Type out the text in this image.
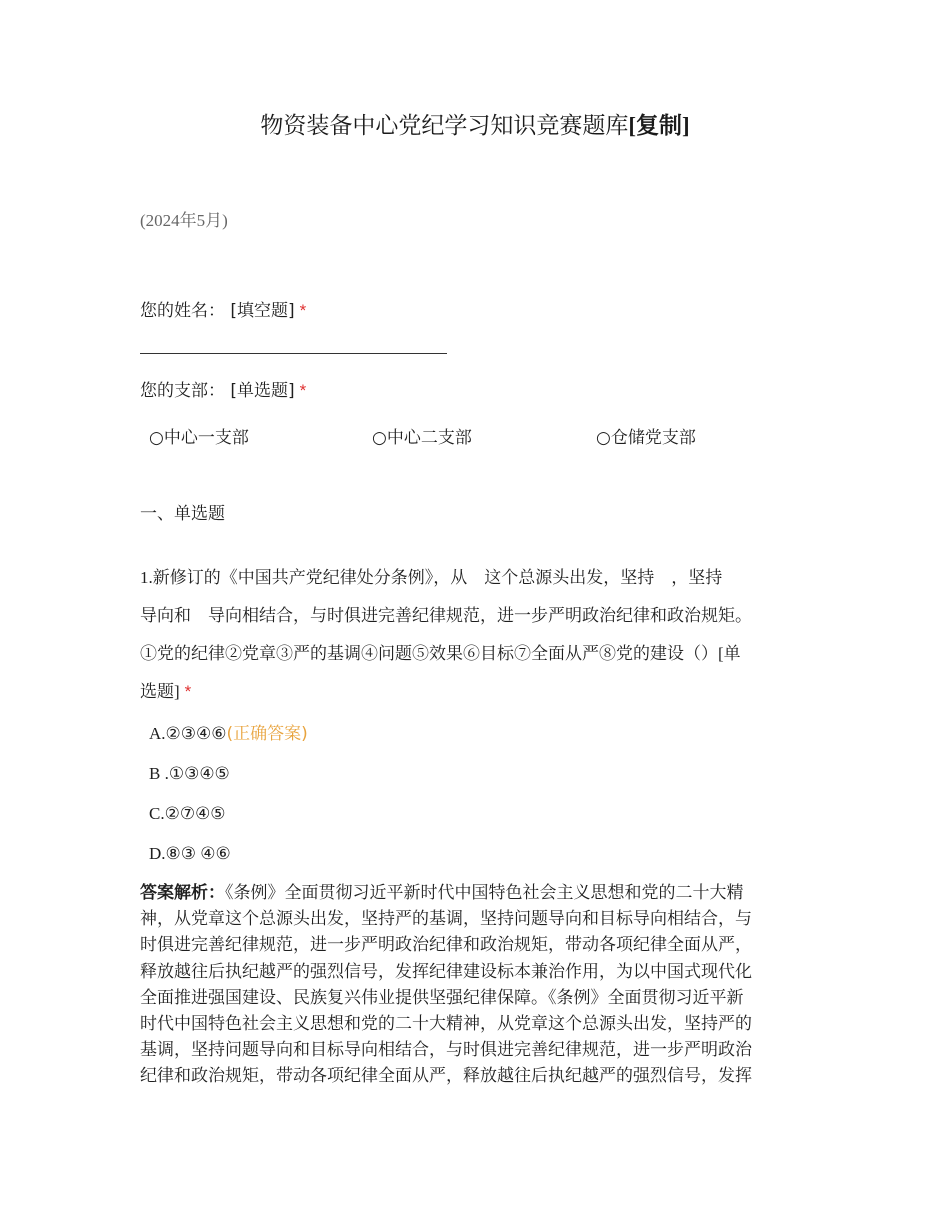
物资装备中心党纪学习知识竞赛题库[复制]
(2024年5月)
您的姓名： [填空题] *
您的支部： [单选题] *
○中心一支部	○中心二支部	○仓储党支部
一、单选题
1.新修订的《中国共产党纪律处分条例》，从　这个总源头出发，坚持　，坚持
导向和　导向相结合，与时俱进完善纪律规范，进一步严明政治纪律和政治规矩。
①党的纪律②党章③严的基调④问题⑤效果⑥目标⑦全面从严⑧党的建设（）[单
选题] *
A.②③④⑥(正确答案)
B .①③④⑤
C.②⑦④⑤
D.⑧③ ④⑥
答案解析：《条例》全面贯彻习近平新时代中国特色社会主义思想和党的二十大精
神，从党章这个总源头出发，坚持严的基调，坚持问题导向和目标导向相结合，与
时俱进完善纪律规范，进一步严明政治纪律和政治规矩，带动各项纪律全面从严，
释放越往后执纪越严的强烈信号，发挥纪律建设标本兼治作用，为以中国式现代化
全面推进强国建设、民族复兴伟业提供坚强纪律保障。《条例》全面贯彻习近平新
时代中国特色社会主义思想和党的二十大精神，从党章这个总源头出发，坚持严的
基调，坚持问题导向和目标导向相结合，与时俱进完善纪律规范，进一步严明政治
纪律和政治规矩，带动各项纪律全面从严，释放越往后执纪越严的强烈信号，发挥
